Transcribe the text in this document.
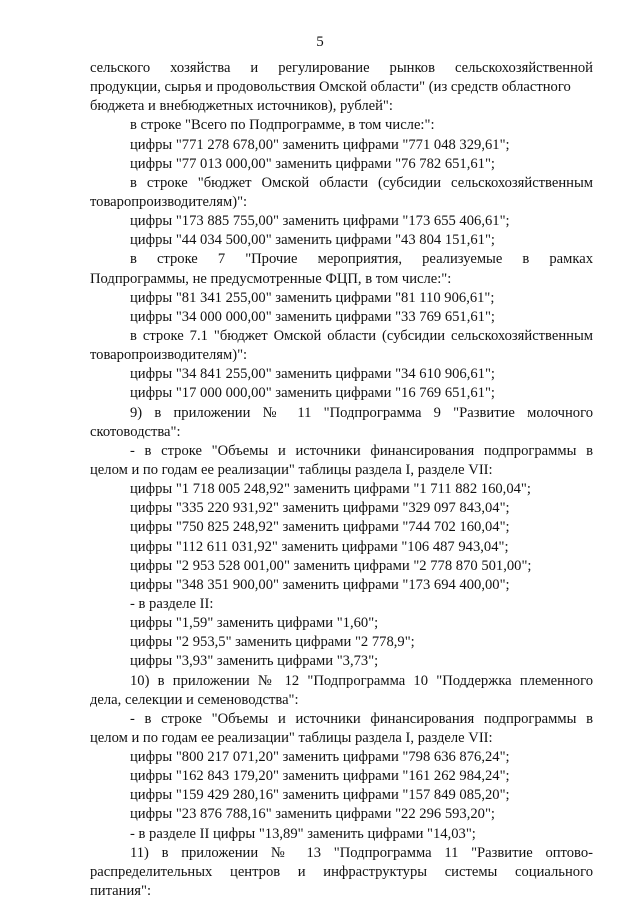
5
сельского хозяйства и регулирование рынков сельскохозяйственной
продукции, сырья и продовольствия Омской области" (из средств областного
бюджета и внебюджетных источников), рублей":
в строке "Всего по Подпрограмме, в том числе:":
цифры "771 278 678,00" заменить цифрами "771 048 329,61";
цифры "77 013 000,00" заменить цифрами "76 782 651,61";
в строке "бюджет Омской области (субсидии сельскохозяйственным
товаропроизводителям)":
цифры "173 885 755,00" заменить цифрами "173 655 406,61";
цифры "44 034 500,00" заменить цифрами "43 804 151,61";
в строке 7 "Прочие мероприятия, реализуемые в рамках
Подпрограммы, не предусмотренные ФЦП, в том числе:":
цифры "81 341 255,00" заменить цифрами "81 110 906,61";
цифры "34 000 000,00" заменить цифрами "33 769 651,61";
в строке 7.1 "бюджет Омской области (субсидии сельскохозяйственным
товаропроизводителям)":
цифры "34 841 255,00" заменить цифрами "34 610 906,61";
цифры "17 000 000,00" заменить цифрами "16 769 651,61";
9) в приложении № 11 "Подпрограмма 9 "Развитие молочного
скотоводства":
- в строке "Объемы и источники финансирования подпрограммы в
целом и по годам ее реализации" таблицы раздела I, разделе VII:
цифры "1 718 005 248,92" заменить цифрами "1 711 882 160,04";
цифры "335 220 931,92" заменить цифрами "329 097 843,04";
цифры "750 825 248,92" заменить цифрами "744 702 160,04";
цифры "112 611 031,92" заменить цифрами "106 487 943,04";
цифры "2 953 528 001,00" заменить цифрами "2 778 870 501,00";
цифры "348 351 900,00" заменить цифрами "173 694 400,00";
- в разделе II:
цифры "1,59" заменить цифрами "1,60";
цифры "2 953,5" заменить цифрами "2 778,9";
цифры "3,93" заменить цифрами "3,73";
10) в приложении № 12 "Подпрограмма 10 "Поддержка племенного
дела, селекции и семеноводства":
- в строке "Объемы и источники финансирования подпрограммы в
целом и по годам ее реализации" таблицы раздела I, разделе VII:
цифры "800 217 071,20" заменить цифрами "798 636 876,24";
цифры "162 843 179,20" заменить цифрами "161 262 984,24";
цифры "159 429 280,16" заменить цифрами "157 849 085,20";
цифры "23 876 788,16" заменить цифрами "22 296 593,20";
- в разделе II цифры "13,89" заменить цифрами "14,03";
11) в приложении № 13 "Подпрограмма 11 "Развитие оптово-
распределительных центров и инфраструктуры системы социального
питания":
